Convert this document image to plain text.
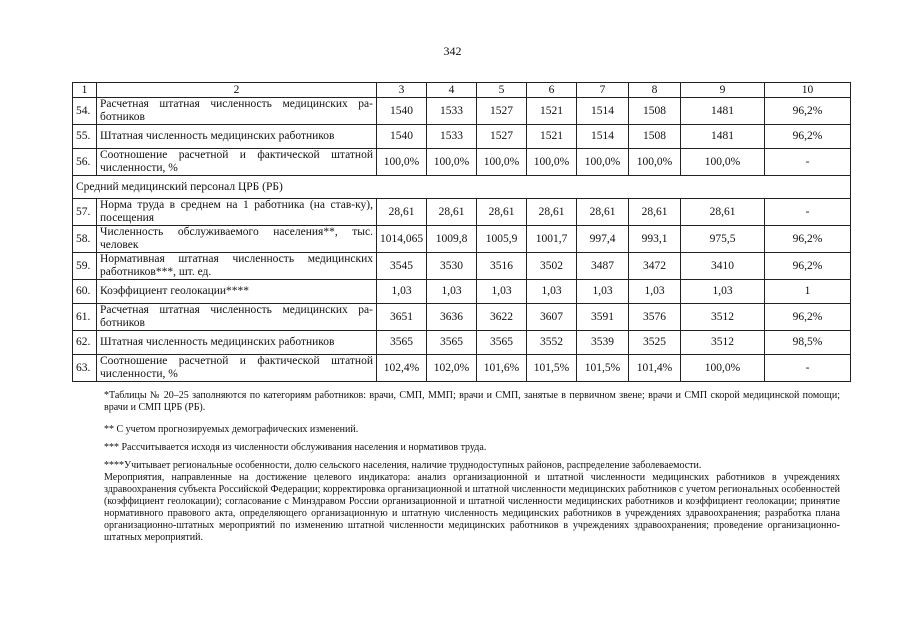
342
1	2	3	4	5	6	7	8	9	10
54.	Расчетная штатная численность медицинских ра-ботников	1540	1533	1527	1521	1514	1508	1481	96,2%
55.	Штатная численность медицинских работников	1540	1533	1527	1521	1514	1508	1481	96,2%
56.	Соотношение расчетной и фактической штатной численности, %	100,0%	100,0%	100,0%	100,0%	100,0%	100,0%	100,0%	-
Средний медицинский персонал ЦРБ (РБ)									
57.	Норма труда в среднем на 1 работника (на став-ку), посещения	28,61	28,61	28,61	28,61	28,61	28,61	28,61	-
58.	Численность обслуживаемого населения**, тыс. человек	1014,065	1009,8	1005,9	1001,7	997,4	993,1	975,5	96,2%
59.	Нормативная штатная численность медицинских работников***, шт. ед.	3545	3530	3516	3502	3487	3472	3410	96,2%
60.	Коэффициент геолокации****	1,03	1,03	1,03	1,03	1,03	1,03	1,03	1
61.	Расчетная штатная численность медицинских ра-ботников	3651	3636	3622	3607	3591	3576	3512	96,2%
62.	Штатная численность медицинских работников	3565	3565	3565	3552	3539	3525	3512	98,5%
63.	Соотношение расчетной и фактической штатной численности, %	102,4%	102,0%	101,6%	101,5%	101,5%	101,4%	100,0%	-

*Таблицы № 20–25 заполняются по категориям работников: врачи, СМП, ММП; врачи и СМП, занятые в первичном звене; врачи и СМП скорой медицинской помощи; врачи и СМП ЦРБ (РБ).

** С учетом прогнозируемых демографических изменений.

*** Рассчитывается исходя из численности обслуживания населения и нормативов труда.

****Учитывает региональные особенности, долю сельского населения, наличие труднодоступных районов, распределение заболеваемости.

Мероприятия, направленные на достижение целевого индикатора: анализ организационной и штатной численности медицинских работников в учреждениях здравоохранения субъекта Российской Федерации; корректировка организационной и штатной численности медицинских работников с учетом региональных особенностей (коэффициент геолокации); согласование с Минздравом России организационной и штатной численности медицинских работников и коэффициент геолокации; принятие нормативного правового акта, определяющего организационную и штатную численность медицинских работников в учреждениях здравоохранения; разработка плана организационно-штатных мероприятий по изменению штатной численности медицинских работников в учреждениях здравоохранения; проведение организационно-штатных мероприятий.
